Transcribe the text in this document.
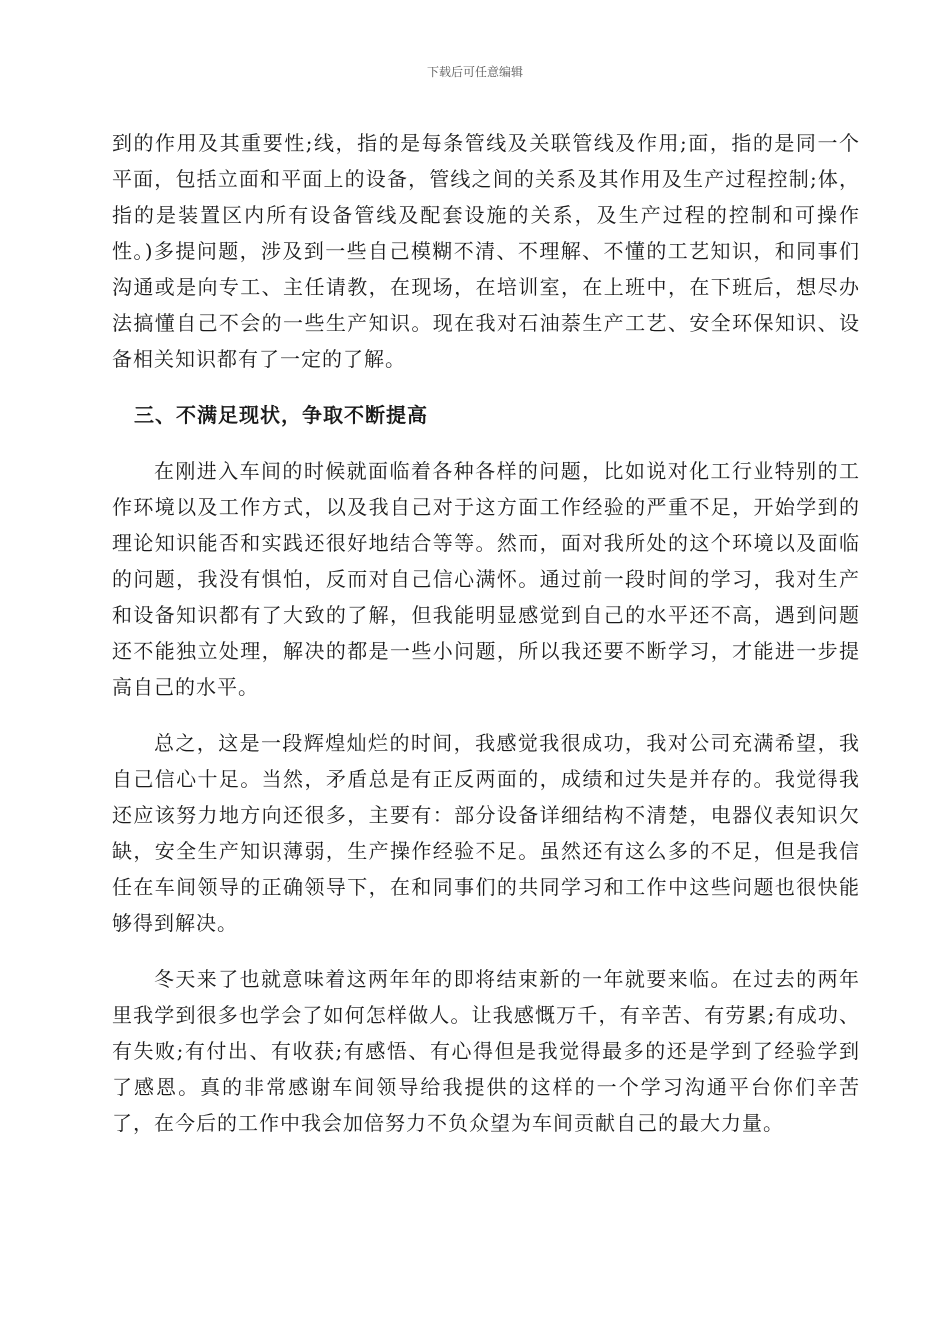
下载后可任意编辑

到的作用及其重要性;线，指的是每条管线及关联管线及作用;面，指的是同一个平面，包括立面和平面上的设备，管线之间的关系及其作用及生产过程控制;体，指的是装置区内所有设备管线及配套设施的关系，及生产过程的控制和可操作性。)多提问题，涉及到一些自己模糊不清、不理解、不懂的工艺知识，和同事们沟通或是向专工、主任请教，在现场，在培训室，在上班中，在下班后，想尽办法搞懂自己不会的一些生产知识。现在我对石油萘生产工艺、安全环保知识、设备相关知识都有了一定的了解。

三、不满足现状，争取不断提高

在刚进入车间的时候就面临着各种各样的问题，比如说对化工行业特别的工作环境以及工作方式，以及我自己对于这方面工作经验的严重不足，开始学到的理论知识能否和实践还很好地结合等等。然而，面对我所处的这个环境以及面临的问题，我没有惧怕，反而对自己信心满怀。通过前一段时间的学习，我对生产和设备知识都有了大致的了解，但我能明显感觉到自己的水平还不高，遇到问题还不能独立处理，解决的都是一些小问题，所以我还要不断学习，才能进一步提高自己的水平。

总之，这是一段辉煌灿烂的时间，我感觉我很成功，我对公司充满希望，我自己信心十足。当然，矛盾总是有正反两面的，成绩和过失是并存的。我觉得我还应该努力地方向还很多，主要有：部分设备详细结构不清楚，电器仪表知识欠缺，安全生产知识薄弱，生产操作经验不足。虽然还有这么多的不足，但是我信任在车间领导的正确领导下，在和同事们的共同学习和工作中这些问题也很快能够得到解决。

冬天来了也就意味着这两年年的即将结束新的一年就要来临。在过去的两年里我学到很多也学会了如何怎样做人。让我感慨万千，有辛苦、有劳累;有成功、有失败;有付出、有收获;有感悟、有心得但是我觉得最多的还是学到了经验学到了感恩。真的非常感谢车间领导给我提供的这样的一个学习沟通平台你们辛苦了，在今后的工作中我会加倍努力不负众望为车间贡献自己的最大力量。
